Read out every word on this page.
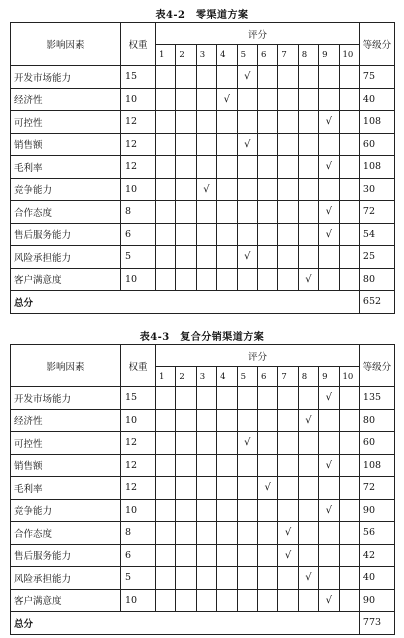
表4-2　零渠道方案
影响因素	权重	评分										等级分
		1	2	3	4	5	6	7	8	9	10	
开发市场能力	15					√						75
经济性	10				√							40
可控性	12									√		108
销售额	12					√						60
毛利率	12									√		108
竞争能力	10			√								30
合作态度	8									√		72
售后服务能力	6									√		54
风险承担能力	5					√						25
客户满意度	10								√			80
总分												652
表4-3　复合分销渠道方案
影响因素	权重	评分										等级分
		1	2	3	4	5	6	7	8	9	10	
开发市场能力	15									√		135
经济性	10								√			80
可控性	12					√						60
销售额	12									√		108
毛利率	12						√					72
竞争能力	10									√		90
合作态度	8							√				56
售后服务能力	6							√				42
风险承担能力	5								√			40
客户满意度	10									√		90
总分												773
